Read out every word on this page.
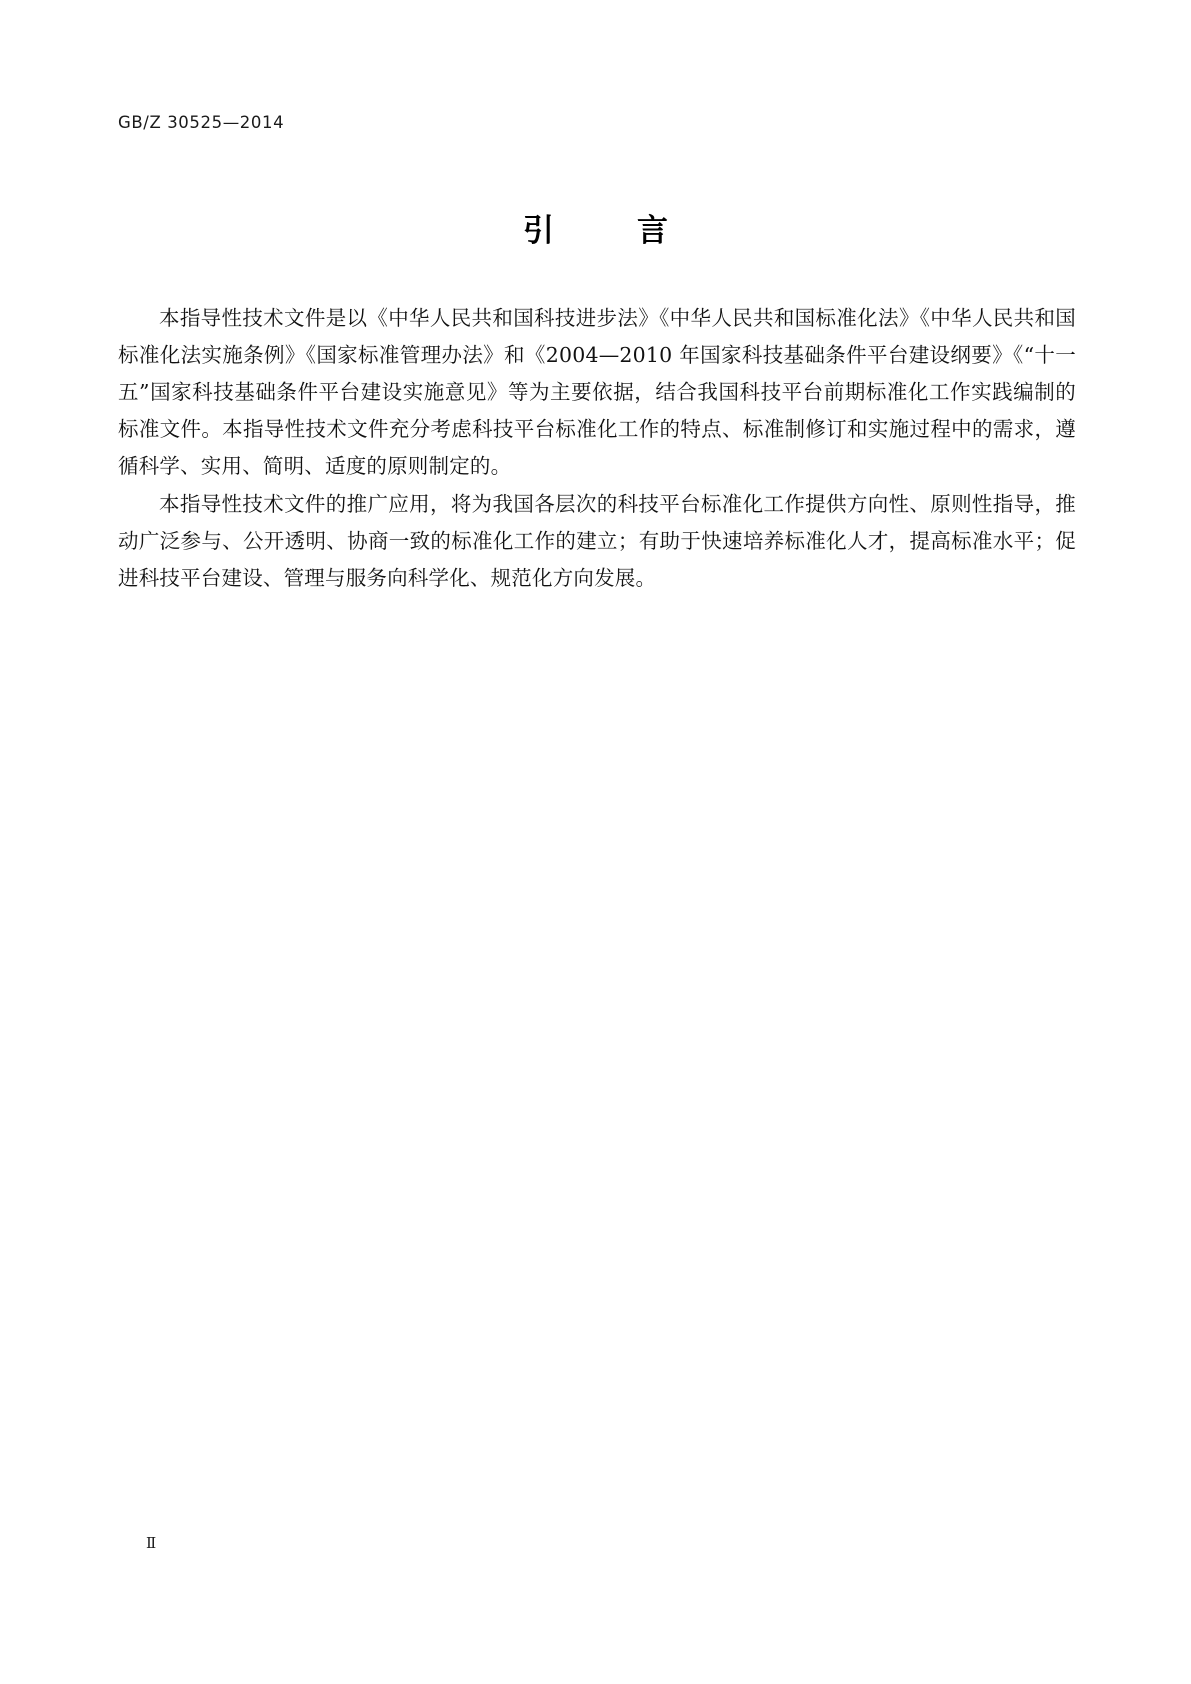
GB/Z 30525—2014
引　言

本指导性技术文件是以《中华人民共和国科技进步法》《中华人民共和国标准化法》《中华人民共和国标准化法实施条例》《国家标准管理办法》和《2004—2010 年国家科技基础条件平台建设纲要》《“十一五”国家科技基础条件平台建设实施意见》等为主要依据，结合我国科技平台前期标准化工作实践编制的标准文件。本指导性技术文件充分考虑科技平台标准化工作的特点、标准制修订和实施过程中的需求，遵循科学、实用、简明、适度的原则制定的。

本指导性技术文件的推广应用，将为我国各层次的科技平台标准化工作提供方向性、原则性指导，推动广泛参与、公开透明、协商一致的标准化工作的建立；有助于快速培养标准化人才，提高标准水平；促进科技平台建设、管理与服务向科学化、规范化方向发展。

Ⅱ
